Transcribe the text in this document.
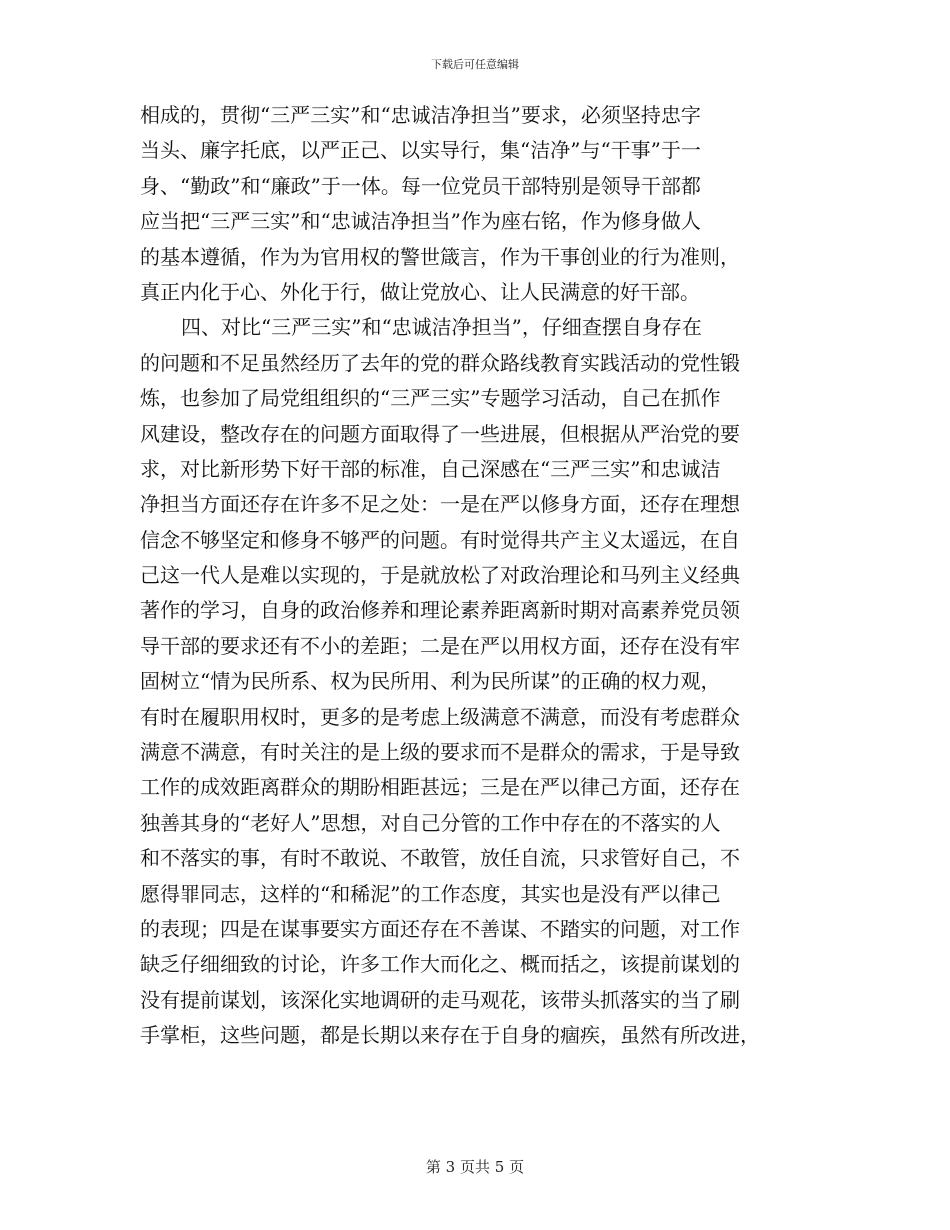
下载后可任意编辑
相成的，贯彻“三严三实”和“忠诚洁净担当”要求，必须坚持忠字
当头、廉字托底，以严正己、以实导行，集“洁净”与“干事”于一
身、“勤政”和“廉政”于一体。每一位党员干部特别是领导干部都
应当把“三严三实”和“忠诚洁净担当”作为座右铭，作为修身做人
的基本遵循，作为为官用权的警世箴言，作为干事创业的行为准则，
真正内化于心、外化于行，做让党放心、让人民满意的好干部。
四、对比“三严三实”和“忠诚洁净担当”，仔细查摆自身存在
的问题和不足虽然经历了去年的党的群众路线教育实践活动的党性锻
炼，也参加了局党组组织的“三严三实”专题学习活动，自己在抓作
风建设，整改存在的问题方面取得了一些进展，但根据从严治党的要
求，对比新形势下好干部的标准，自己深感在“三严三实”和忠诚洁
净担当方面还存在许多不足之处：一是在严以修身方面，还存在理想
信念不够坚定和修身不够严的问题。有时觉得共产主义太遥远，在自
己这一代人是难以实现的，于是就放松了对政治理论和马列主义经典
著作的学习，自身的政治修养和理论素养距离新时期对高素养党员领
导干部的要求还有不小的差距；二是在严以用权方面，还存在没有牢
固树立“情为民所系、权为民所用、利为民所谋”的正确的权力观，
有时在履职用权时，更多的是考虑上级满意不满意，而没有考虑群众
满意不满意，有时关注的是上级的要求而不是群众的需求，于是导致
工作的成效距离群众的期盼相距甚远；三是在严以律己方面，还存在
独善其身的“老好人”思想，对自己分管的工作中存在的不落实的人
和不落实的事，有时不敢说、不敢管，放任自流，只求管好自己，不
愿得罪同志，这样的“和稀泥”的工作态度，其实也是没有严以律己
的表现；四是在谋事要实方面还存在不善谋、不踏实的问题，对工作
缺乏仔细细致的讨论，许多工作大而化之、概而括之，该提前谋划的
没有提前谋划，该深化实地调研的走马观花，该带头抓落实的当了刷
手掌柜，这些问题，都是长期以来存在于自身的痼疾，虽然有所改进，
第 3 页共 5 页
